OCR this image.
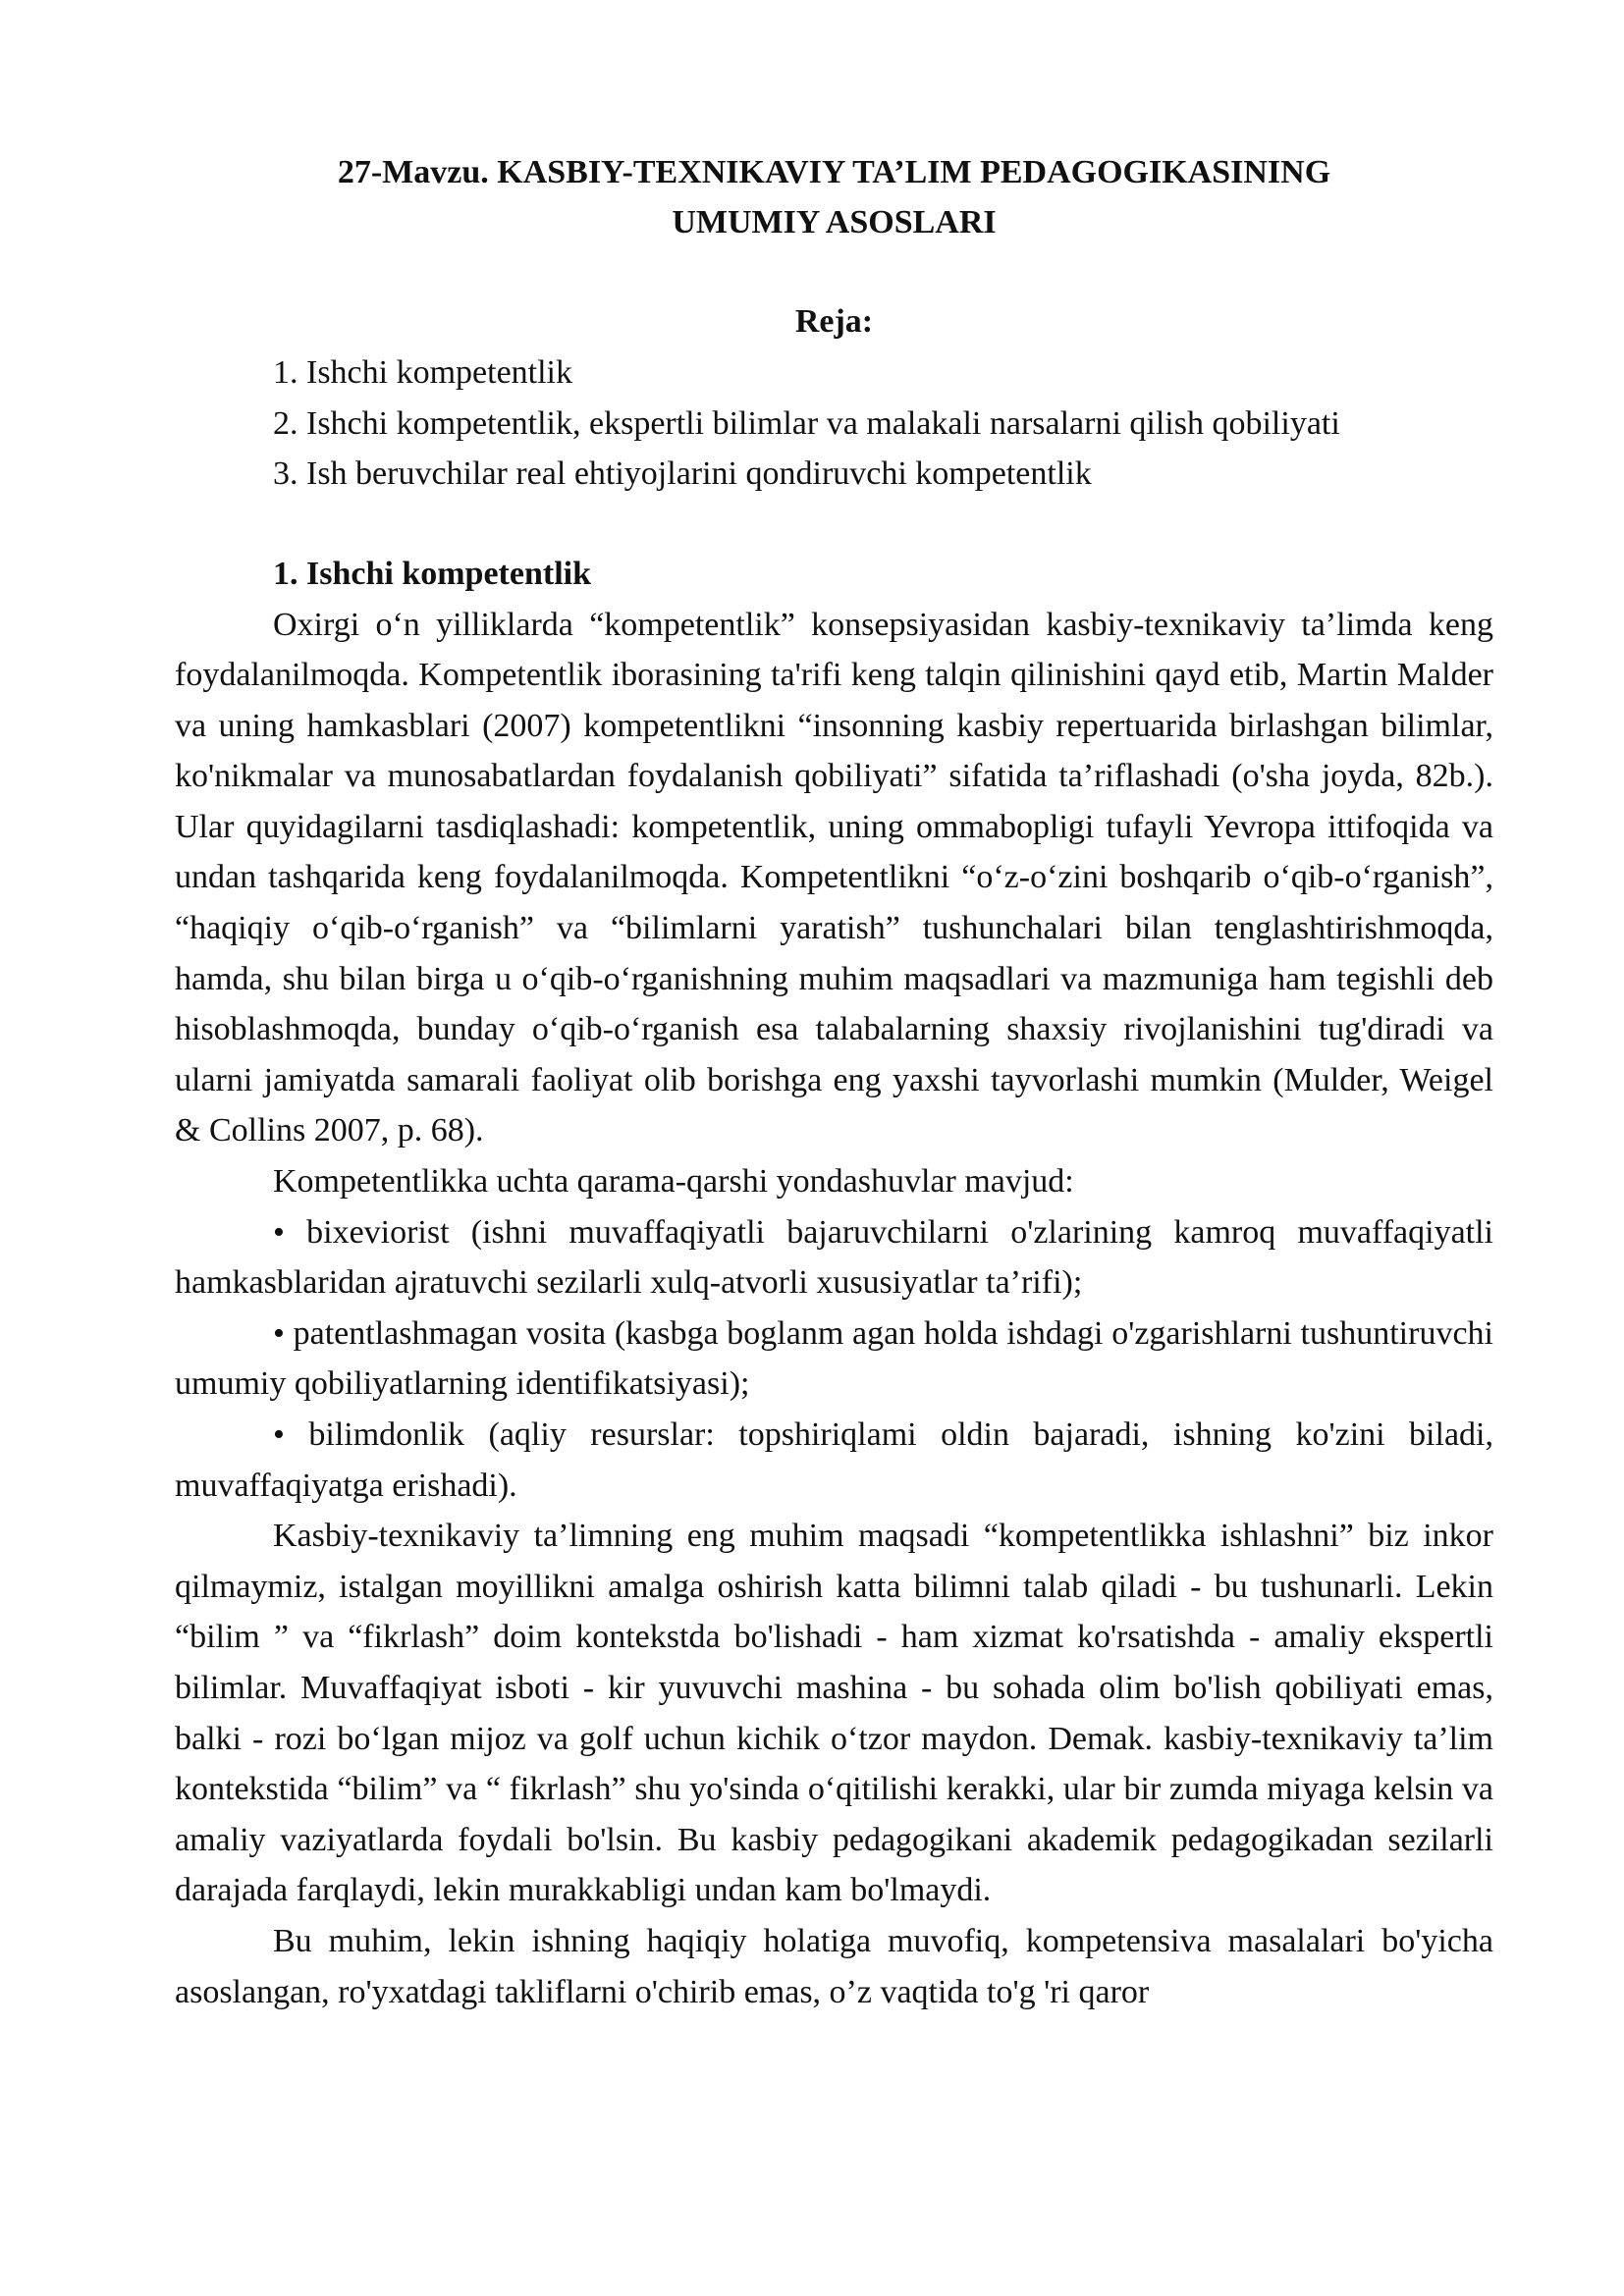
27-Mavzu. KASBIY-TEXNIKAVIY TA’LIM PEDAGOGIKASINING
UMUMIY ASOSLARI
Reja:
1. Ishchi kompetentlik
2. Ishchi kompetentlik, ekspertli bilimlar va malakali narsalarni qilish qobiliyati
3. Ish beruvchilar real ehtiyojlarini qondiruvchi kompetentlik
1. Ishchi kompetentlik

Oxirgi o‘n yilliklarda “kompetentlik” konsepsiyasidan kasbiy-texnikaviy ta’limda keng foydalanilmoqda. Kompetentlik iborasining ta'rifi keng talqin qilinishini qayd etib, Martin Malder va uning hamkasblari (2007) kompetentlikni “insonning kasbiy repertuarida birlashgan bilimlar, ko'nikmalar va munosabatlardan foydalanish qobiliyati” sifatida ta’riflashadi (o'sha joyda, 82b.). Ular quyidagilarni tasdiqlashadi: kompetentlik, uning ommabopligi tufayli Yevropa ittifoqida va undan tashqarida keng foydalanilmoqda. Kompetentlikni “o‘z-o‘zini boshqarib o‘qib-o‘rganish”, “haqiqiy o‘qib-o‘rganish” va “bilimlarni yaratish” tushunchalari bilan tenglashtirishmoqda, hamda, shu bilan birga u o‘qib-o‘rganishning muhim maqsadlari va mazmuniga ham tegishli deb hisoblashmoqda, bunday o‘qib-o‘rganish esa talabalarning shaxsiy rivojlanishini tug'diradi va ularni jamiyatda samarali faoliyat olib borishga eng yaxshi tayvorlashi mumkin (Mulder, Weigel & Collins 2007, p. 68).

Kompetentlikka uchta qarama-qarshi yondashuvlar mavjud:

• bixeviorist (ishni muvaffaqiyatli bajaruvchilarni o'zlarining kamroq muvaffaqiyatli hamkasblaridan ajratuvchi sezilarli xulq-atvorli xususiyatlar ta’rifi);

• patentlashmagan vosita (kasbga boglanm agan holda ishdagi o'zgarishlarni tushuntiruvchi umumiy qobiliyatlarning identifikatsiyasi);

• bilimdonlik (aqliy resurslar: topshiriqlami oldin bajaradi, ishning ko'zini biladi, muvaffaqiyatga erishadi).

Kasbiy-texnikaviy ta’limning eng muhim maqsadi “kompetentlikka ishlashni” biz inkor qilmaymiz, istalgan moyillikni amalga oshirish katta bilimni talab qiladi - bu tushunarli. Lekin “bilim ” va “fikrlash” doim kontekstda bo'lishadi - ham xizmat ko'rsatishda - amaliy ekspertli bilimlar. Muvaffaqiyat isboti - kir yuvuvchi mashina - bu sohada olim bo'lish qobiliyati emas, balki - rozi bo‘lgan mijoz va golf uchun kichik o‘tzor maydon. Demak. kasbiy-texnikaviy ta’lim kontekstida “bilim” va “ fikrlash” shu yo'sinda o‘qitilishi kerakki, ular bir zumda miyaga kelsin va amaliy vaziyatlarda foydali bo'lsin. Bu kasbiy pedagogikani akademik pedagogikadan sezilarli darajada farqlaydi, lekin murakkabligi undan kam bo'lmaydi.

Bu muhim, lekin ishning haqiqiy holatiga muvofiq, kompetensiva masalalari bo'yicha asoslangan, ro'yxatdagi takliflarni o'chirib emas, o’z vaqtida to'g 'ri qaror
